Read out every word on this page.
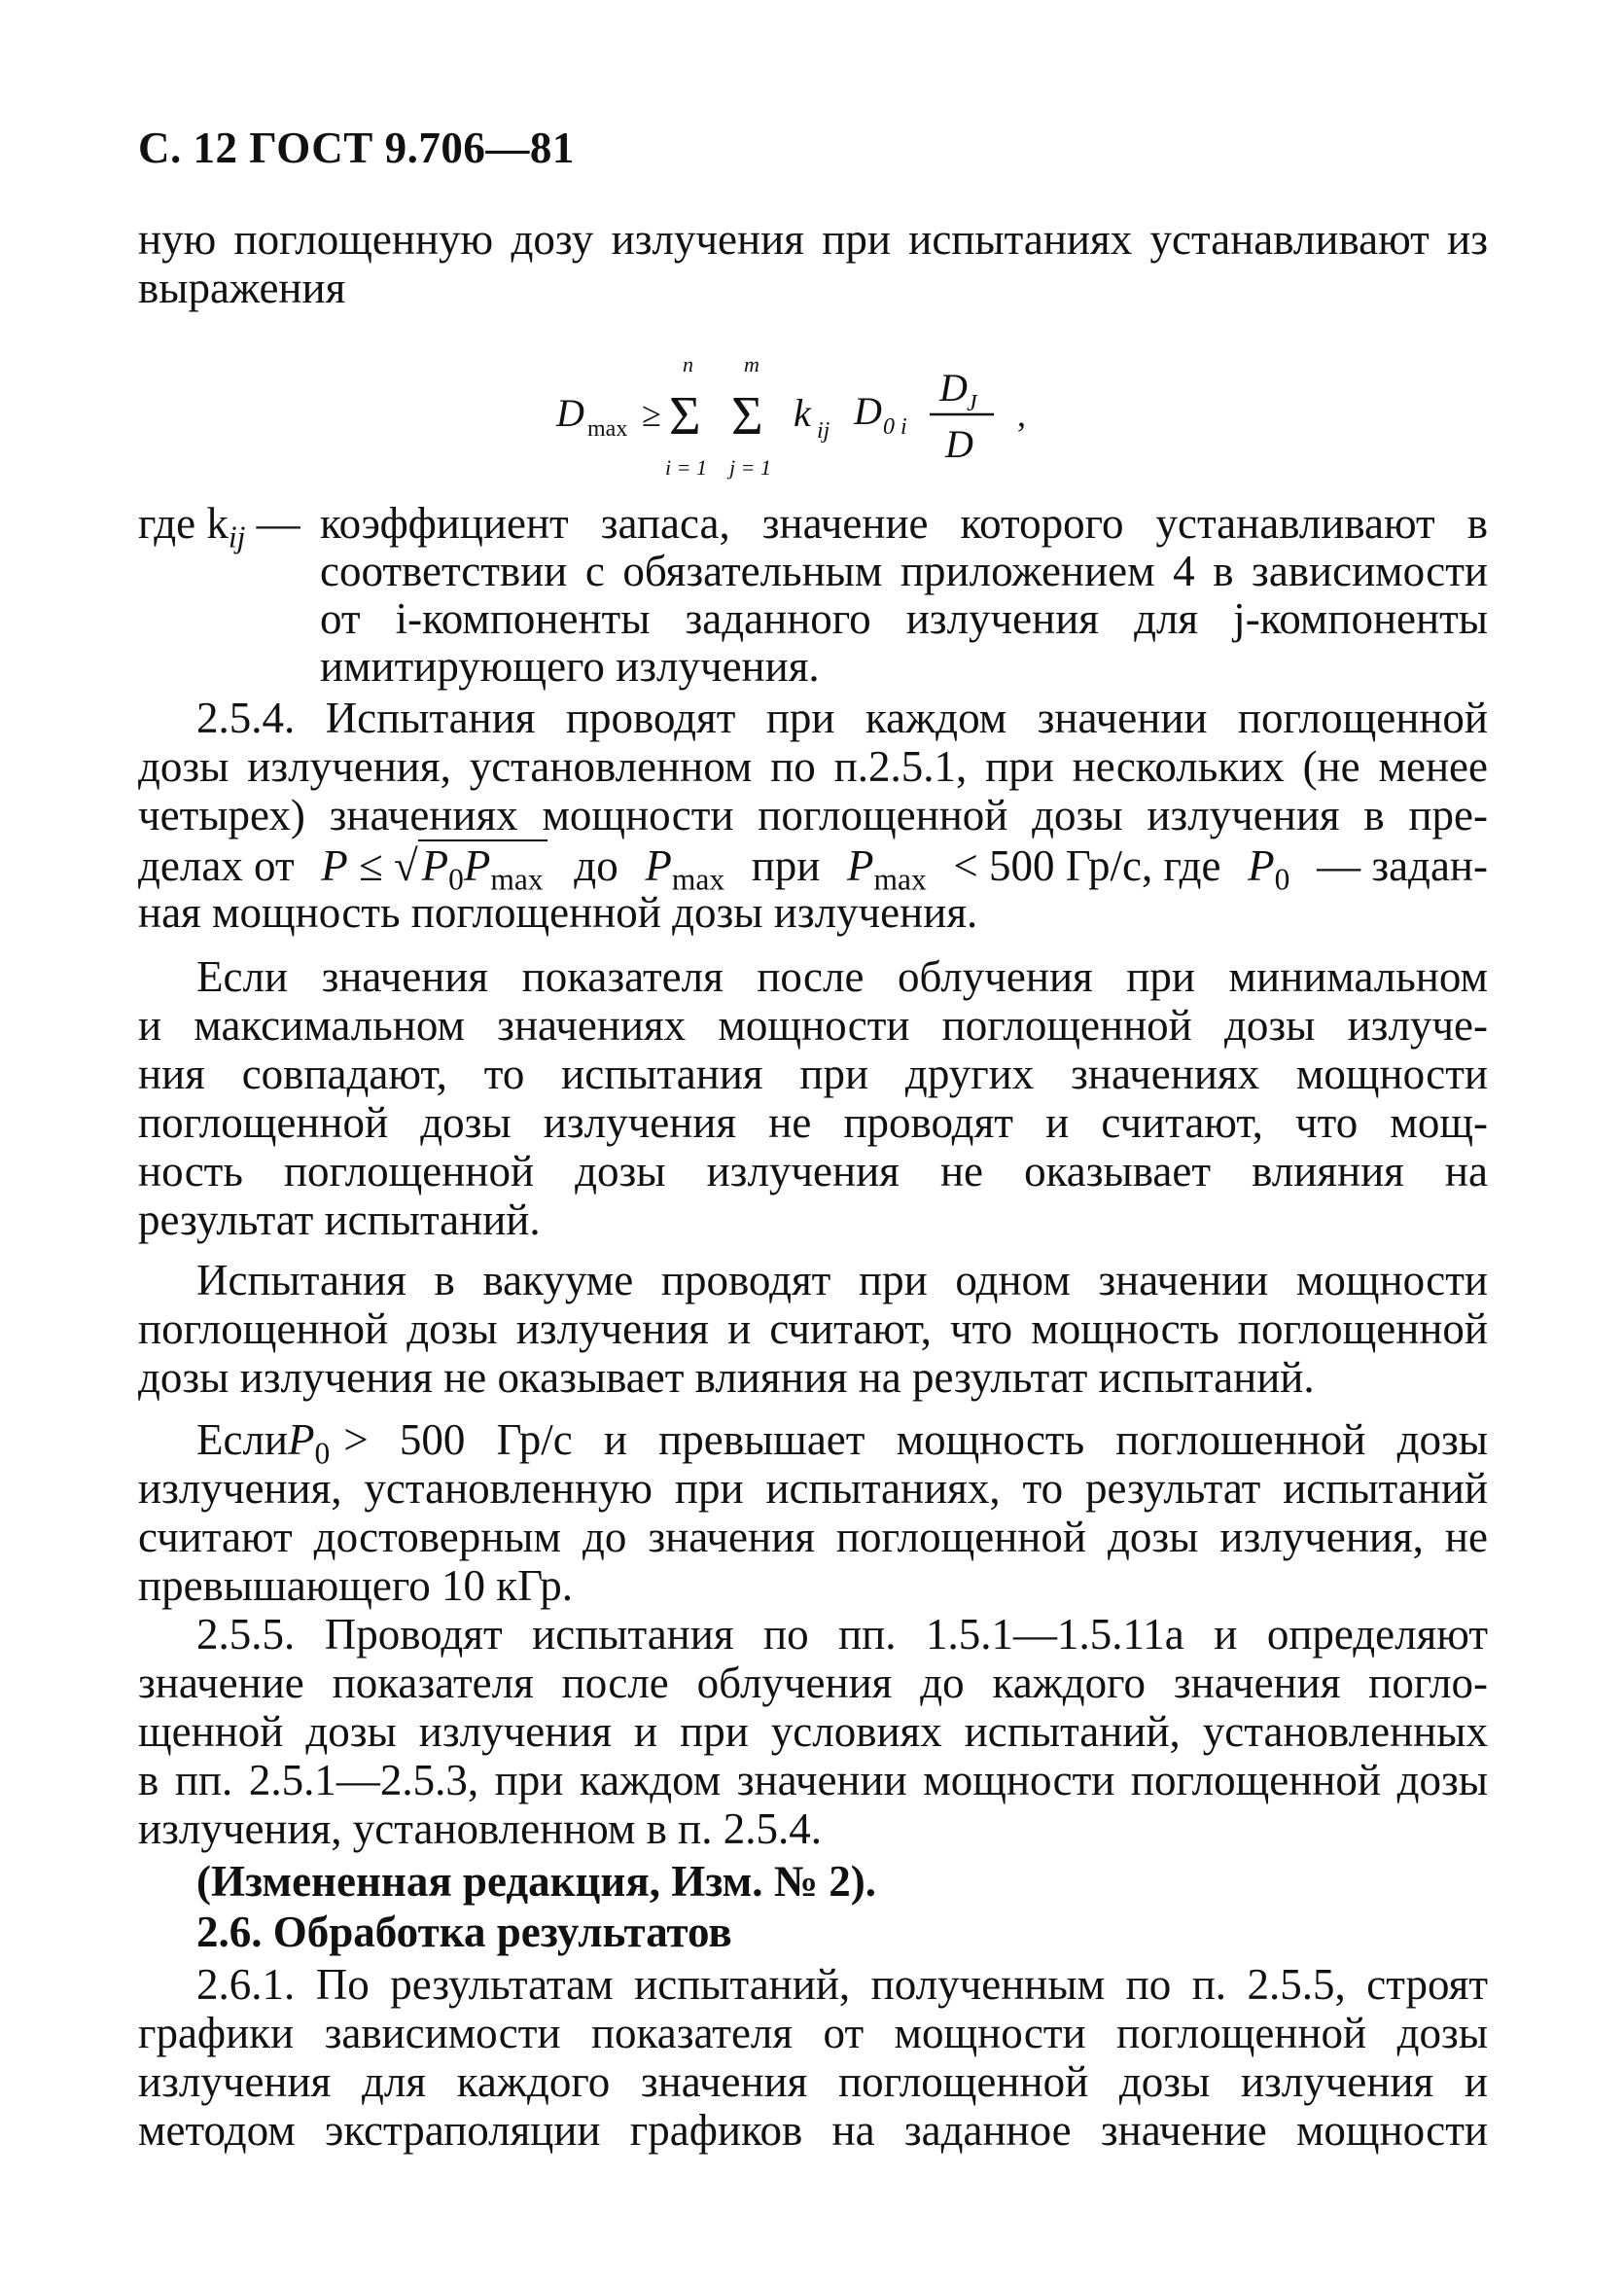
С. 12 ГОСТ 9.706—81
ную поглощенную дозу излучения при испытаниях устанавливают из
выражения
D max ≥
n
Σ
i = 1
m
Σ
j = 1
k ij D 0 i
D J
D
,
где $k_{ij}$ — коэффициент запаса, значение которого устанавливают в соответствии с обязательным приложением 4 в зависимости от i-компоненты заданного излучения для j-компоненты имитирующего излучения.
2.5.4. Испытания проводят при каждом значении поглощенной
дозы излучения, установленном по п.2.5.1, при нескольких (не менее
четырех) значениях мощности поглощенной дозы излучения в пре-
делах от $P \le √P_0P_{max}$ до $P_{max}$ при $P_{max} < 500$ Гр/с, где $P_0$ — задан-
ная мощность поглощенной дозы излучения.
Если значения показателя после облучения при минимальном
и максимальном значениях мощности поглощенной дозы излуче-
ния совпадают, то испытания при других значениях мощности
поглощенной дозы излучения не проводят и считают, что мощ-
ность поглощенной дозы излучения не оказывает влияния на
результат испытаний.
Испытания в вакууме проводят при одном значении мощности
поглощенной дозы излучения и считают, что мощность поглощенной
дозы излучения не оказывает влияния на результат испытаний.
Если $P_0 > 500$ Гр/с и превышает мощность поглошенной дозы
излучения, установленную при испытаниях, то результат испытаний
считают достоверным до значения поглощенной дозы излучения, не
превышающего 10 кГр.
2.5.5. Проводят испытания по пп. 1.5.1—1.5.11а и определяют
значение показателя после облучения до каждого значения погло-
щенной дозы излучения и при условиях испытаний, установленных
в пп. 2.5.1—2.5.3, при каждом значении мощности поглощенной дозы
излучения, установленном в п. 2.5.4.
(Измененная редакция, Изм. № 2).
2.6. Обработка результатов
2.6.1. По результатам испытаний, полученным по п. 2.5.5, строят
графики зависимости показателя от мощности поглощенной дозы
излучения для каждого значения поглощенной дозы излучения и
методом экстраполяции графиков на заданное значение мощности
